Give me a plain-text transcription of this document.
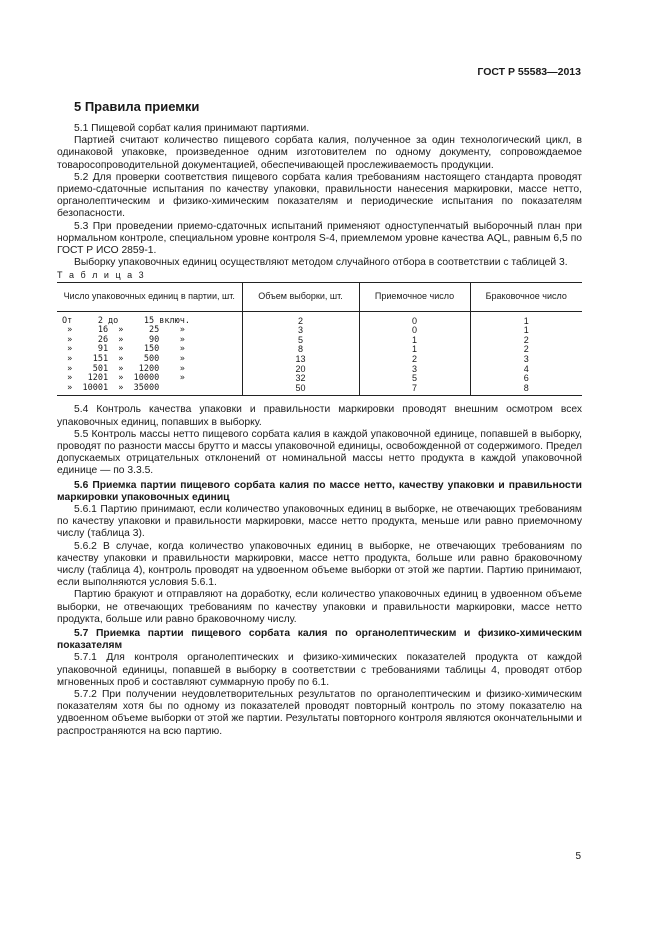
ГОСТ Р 55583—2013
5 Правила приемки

5.1 Пищевой сорбат калия принимают партиями.

Партией считают количество пищевого сорбата калия, полученное за один технологический цикл, в одинаковой упаковке, произведенное одним изготовителем по одному документу, сопровождаемое товаросопроводительной документацией, обеспечивающей прослеживаемость продукции.

5.2 Для проверки соответствия пищевого сорбата калия требованиям настоящего стандарта проводят приемо-сдаточные испытания по качеству упаковки, правильности нанесения маркировки, массе нетто, органолептическим и физико-химическим показателям и периодические испытания по показателям безопасности.

5.3 При проведении приемо-сдаточных испытаний применяют одноступенчатый выборочный план при нормальном контроле, специальном уровне контроля S-4, приемлемом уровне качества AQL, равным 6,5 по ГОСТ Р ИСО 2859-1.

Выборку упаковочных единиц осуществляют методом случайного отбора в соответствии с таблицей 3.

Т а б л и ц а 3

Число упаковочных единиц в партии, шт.	Объем выборки, шт.	Приемочное число	Браковочное число
От     2 до     15 включ.	2	0	1
»     16  »     25    »	3	0	1
»     26  »     90    »	5	1	2
»     91  »    150    »	8	1	2
»    151  »    500    »	13	2	3
»    501  »   1200    »	20	3	4
»   1201  »  10000    »	32	5	6
»  10001  »  35000	50	7	8

5.4 Контроль качества упаковки и правильности маркировки проводят внешним осмотром всех упаковочных единиц, попавших в выборку.

5.5 Контроль массы нетто пищевого сорбата калия в каждой упаковочной единице, попавшей в выборку, проводят по разности массы брутто и массы упаковочной единицы, освобожденной от содержимого. Предел допускаемых отрицательных отклонений от номинальной массы нетто продукта в каждой упаковочной единице — по 3.3.5.

5.6 Приемка партии пищевого сорбата калия по массе нетто, качеству упаковки и правильности маркировки упаковочных единиц

5.6.1 Партию принимают, если количество упаковочных единиц в выборке, не отвечающих требованиям по качеству упаковки и правильности маркировки, массе нетто продукта, меньше или равно приемочному числу (таблица 3).

5.6.2 В случае, когда количество упаковочных единиц в выборке, не отвечающих требованиям по качеству упаковки и правильности маркировки, массе нетто продукта, больше или равно браковочному числу (таблица 4), контроль проводят на удвоенном объеме выборки от этой же партии. Партию принимают, если выполняются условия 5.6.1.

Партию бракуют и отправляют на доработку, если количество упаковочных единиц в удвоенном объеме выборки, не отвечающих требованиям по качеству упаковки и правильности маркировки, массе нетто продукта, больше или равно браковочному числу.

5.7 Приемка партии пищевого сорбата калия по органолептическим и физико-химическим показателям

5.7.1 Для контроля органолептических и физико-химических показателей продукта от каждой упаковочной единицы, попавшей в выборку в соответствии с требованиями таблицы 4, проводят отбор мгновенных проб и составляют суммарную пробу по 6.1.

5.7.2 При получении неудовлетворительных результатов по органолептическим и физико-химическим показателям хотя бы по одному из показателей проводят повторный контроль по этому показателю на удвоенном объеме выборки от этой же партии. Результаты повторного контроля являются окончательными и распространяются на всю партию.

5
